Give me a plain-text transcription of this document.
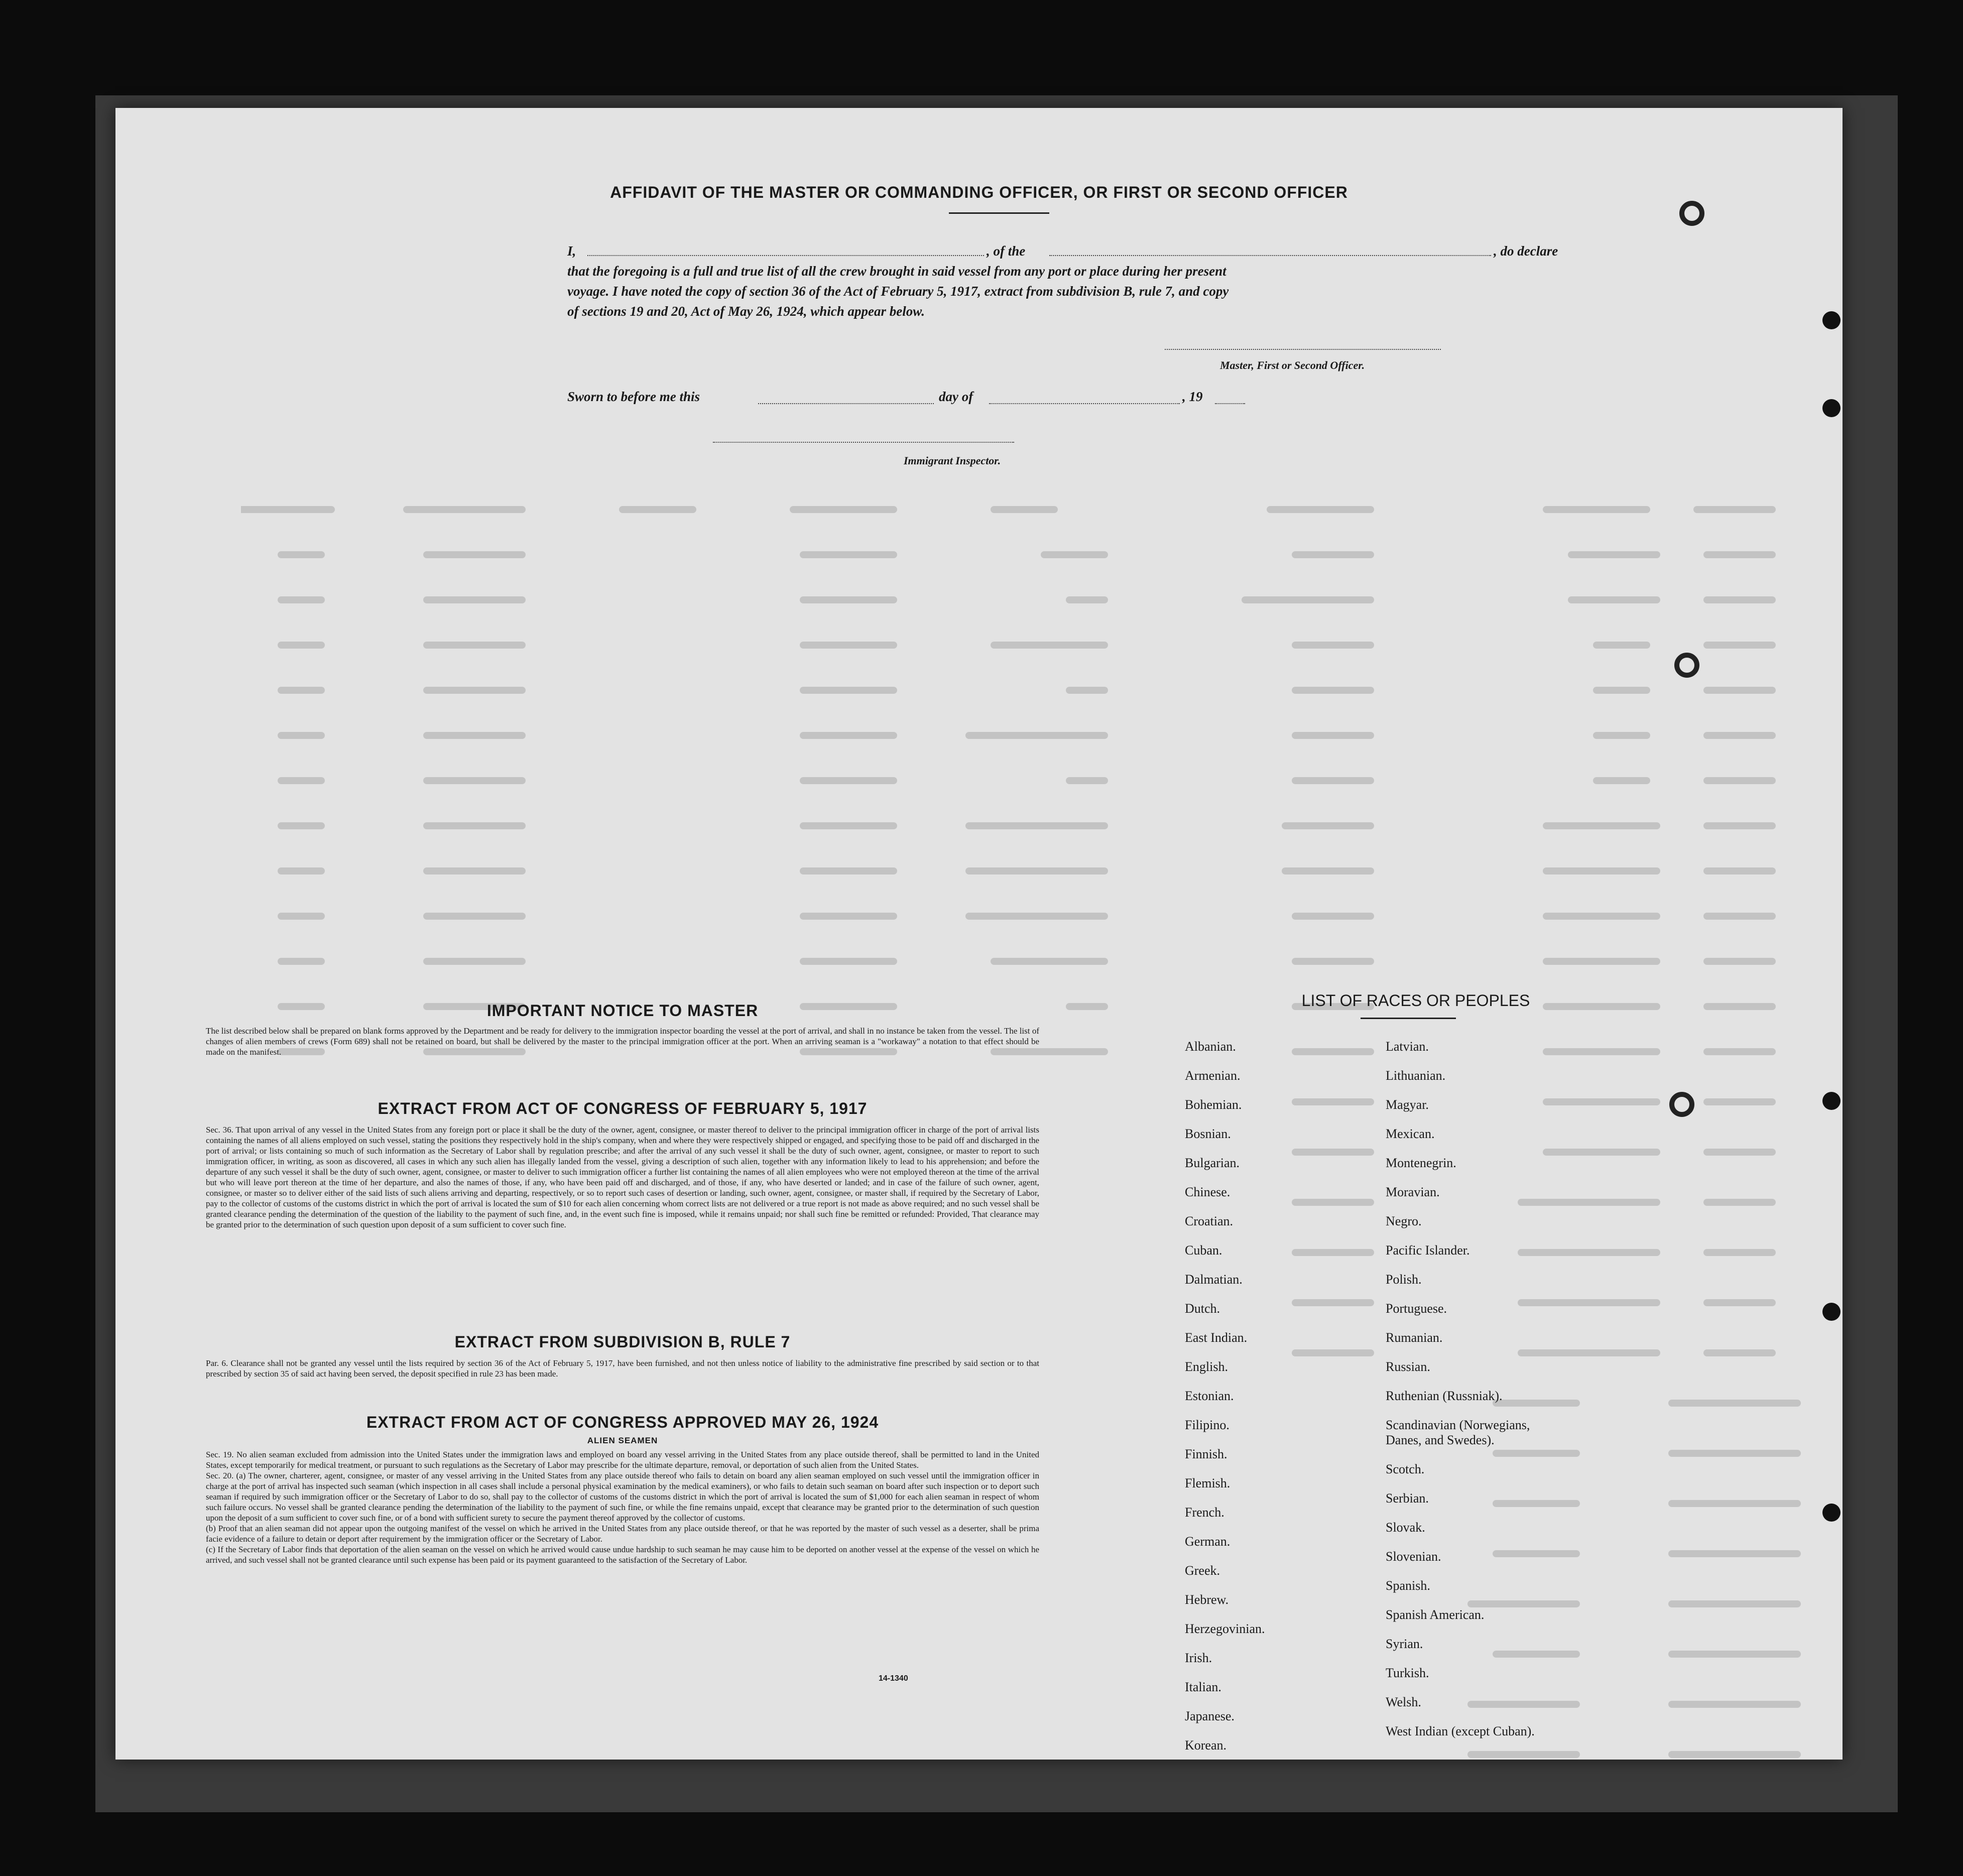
AFFIDAVIT OF THE MASTER OR COMMANDING OFFICER, OR FIRST OR SECOND OFFICER
I,	, of the	, do declare
that the foregoing is a full and true list of all the crew brought in said vessel from any port or place during her present
voyage. I have noted the copy of section 36 of the Act of February 5, 1917, extract from subdivision B, rule 7, and copy
of sections 19 and 20, Act of May 26, 1924, which appear below.
Master, First or Second Officer.
Sworn to before me this	day of	, 19
Immigrant Inspector.
IMPORTANT NOTICE TO MASTER
The list described below shall be prepared on blank forms approved by the Department and be ready for delivery to the immigration inspector boarding the vessel at the port of arrival, and shall in no instance be taken from the vessel. The list of changes of alien members of crews (Form 689) shall not be retained on board, but shall be delivered by the master to the principal immigration officer at the port. When an arriving seaman is a "workaway" a notation to that effect should be made on the manifest.
EXTRACT FROM ACT OF CONGRESS OF FEBRUARY 5, 1917
Sec. 36. That upon arrival of any vessel in the United States from any foreign port or place it shall be the duty of the owner, agent, consignee, or master thereof to deliver to the principal immigration officer in charge of the port of arrival lists containing the names of all aliens employed on such vessel, stating the positions they respectively hold in the ship's company, when and where they were respectively shipped or engaged, and specifying those to be paid off and discharged in the port of arrival; or lists containing so much of such information as the Secretary of Labor shall by regulation prescribe; and after the arrival of any such vessel it shall be the duty of such owner, agent, consignee, or master to report to such immigration officer, in writing, as soon as discovered, all cases in which any such alien has illegally landed from the vessel, giving a description of such alien, together with any information likely to lead to his apprehension; and before the departure of any such vessel it shall be the duty of such owner, agent, consignee, or master to deliver to such immigration officer a further list containing the names of all alien employees who were not employed thereon at the time of the arrival but who will leave port thereon at the time of her departure, and also the names of those, if any, who have been paid off and discharged, and of those, if any, who have deserted or landed; and in case of the failure of such owner, agent, consignee, or master so to deliver either of the said lists of such aliens arriving and departing, respectively, or so to report such cases of desertion or landing, such owner, agent, consignee, or master shall, if required by the Secretary of Labor, pay to the collector of customs of the customs district in which the port of arrival is located the sum of $10 for each alien concerning whom correct lists are not delivered or a true report is not made as above required; and no such vessel shall be granted clearance pending the determination of the question of the liability to the payment of such fine, and, in the event such fine is imposed, while it remains unpaid; nor shall such fine be remitted or refunded: Provided, That clearance may be granted prior to the determination of such question upon deposit of a sum sufficient to cover such fine.
EXTRACT FROM SUBDIVISION B, RULE 7
Par. 6. Clearance shall not be granted any vessel until the lists required by section 36 of the Act of February 5, 1917, have been furnished, and not then unless notice of liability to the administrative fine prescribed by said section or to that prescribed by section 35 of said act having been served, the deposit specified in rule 23 has been made.
EXTRACT FROM ACT OF CONGRESS APPROVED MAY 26, 1924
ALIEN SEAMEN
Sec. 19. No alien seaman excluded from admission into the United States under the immigration laws and employed on board any vessel arriving in the United States from any place outside thereof, shall be permitted to land in the United States, except temporarily for medical treatment, or pursuant to such regulations as the Secretary of Labor may prescribe for the ultimate departure, removal, or deportation of such alien from the United States.
Sec. 20. (a) The owner, charterer, agent, consignee, or master of any vessel arriving in the United States from any place outside thereof who fails to detain on board any alien seaman employed on such vessel until the immigration officer in charge at the port of arrival has inspected such seaman (which inspection in all cases shall include a personal physical examination by the medical examiners), or who fails to detain such seaman on board after such inspection or to deport such seaman if required by such immigration officer or the Secretary of Labor to do so, shall pay to the collector of customs of the customs district in which the port of arrival is located the sum of $1,000 for each alien seaman in respect of whom such failure occurs. No vessel shall be granted clearance pending the determination of the liability to the payment of such fine, or while the fine remains unpaid, except that clearance may be granted prior to the determination of such question upon the deposit of a sum sufficient to cover such fine, or of a bond with sufficient surety to secure the payment thereof approved by the collector of customs.
(b) Proof that an alien seaman did not appear upon the outgoing manifest of the vessel on which he arrived in the United States from any place outside thereof, or that he was reported by the master of such vessel as a deserter, shall be prima facie evidence of a failure to detain or deport after requirement by the immigration officer or the Secretary of Labor.
(c) If the Secretary of Labor finds that deportation of the alien seaman on the vessel on which he arrived would cause undue hardship to such seaman he may cause him to be deported on another vessel at the expense of the vessel on which he arrived, and such vessel shall not be granted clearance until such expense has been paid or its payment guaranteed to the satisfaction of the Secretary of Labor.
14-1340
LIST OF RACES OR PEOPLES
Albanian.
Armenian.
Bohemian.
Bosnian.
Bulgarian.
Chinese.
Croatian.
Cuban.
Dalmatian.
Dutch.
East Indian.
English.
Estonian.
Filipino.
Finnish.
Flemish.
French.
German.
Greek.
Hebrew.
Herzegovinian.
Irish.
Italian.
Japanese.
Korean.
Latvian.
Lithuanian.
Magyar.
Mexican.
Montenegrin.
Moravian.
Negro.
Pacific Islander.
Polish.
Portuguese.
Rumanian.
Russian.
Ruthenian (Russniak).
Scandinavian (Norwegians, Danes, and Swedes).
Scotch.
Serbian.
Slovak.
Slovenian.
Spanish.
Spanish American.
Syrian.
Turkish.
Welsh.
West Indian (except Cuban).
